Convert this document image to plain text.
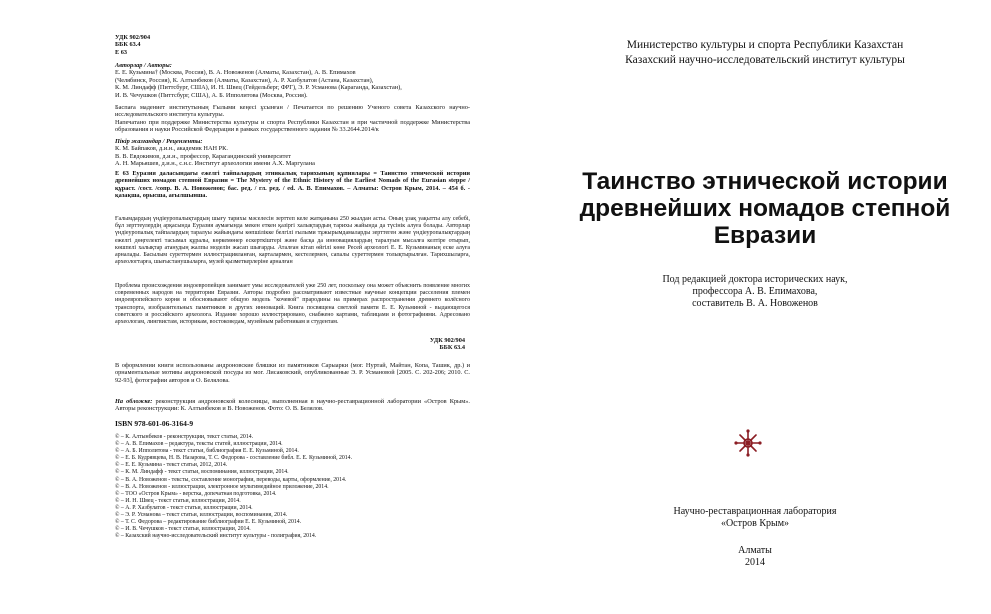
УДК 902/904
ББК 63.4
Е 63
Авторлар / Авторы:
Е. Е. Кузьмина† (Москва, Россия), В. А. Новоженов (Алматы, Казахстан), А. В. Епимахов
(Челябинск, Россия), К. Алтынбеков (Алматы, Казахстан), А. Р. Хазбулатов (Астана, Казахстан),
К. М. Линдафф (Питтсбург, США), И. Н. Швец (Гейдельберг, ФРГ), Э. Р. Усманова (Караганда, Казахстан),
И. В. Чечушков (Питтсбург, США), А. Б. Ипполитова (Москва, Россия).

Баспаға мадениет институтының Ғылыми кеңесі ұсынған / Печатается по решению Ученого совета Казахского научно-исследовательского института культуры.

Напечатано при поддержке Министерства культуры и спорта Республики Казахстан и при частичной поддержке Министерства образования и науки Российской Федерации в рамках государственного задания № 33.2644.2014/к

Пікір жазғандар / Рецензенты:
К. М. Байпаков, д.и.н., академик НАН РК.
В. В. Евдокимов, д.и.н., профессор, Карагандинский университет
А. Н. Марьяшев, д.и.н., с.н.с. Институт археологии имени А.Х. Маргулана
Е 63 Еуразия даласындағы ежелгі тайпалардың этникалық тарихының құпиялары = Таинство этнической истории древнейших номадов степной Евразии = The Mystery of the Ethnic History of the Earliest Nomads of the Eurasian steppe / құраст. /сост. /сопр. В. А. Новоженов; бас. ред. / гл. ред. / ed. А. В. Епимахов. – Алматы: Остров Крым, 2014. – 454 б. - қазақша, орысша, ағылшынша.
Ғалымдардың үндіеуропалықтардың шығу тарихы мәселесін зерттеп келе жатқанына 250 жылдан асты. Оның ұзақ уақытты алу себебі, бұл зерттеулердің арқасында Еуразия аумағында мекен еткен қазіргі халықтардың тарихы жайында да түсінік алуға болады. Авторлар үндіеуропалық тайпалардың таралуы жайындағы көпшілікке белгілі ғылыми тұжырымдамаларды зерттеген және үндіеуропалықтардың ежелгі дөңгелекті тасымал құралы, көркемөнер ескерткіштері және басқа да инновациялардың таралуын мысалға келтіре отырып, көшпелі халықтар атанудың жалпы моделін жасап шығарды. Аталған кітап өйгілі көне Ресей археологі Е. Е. Кузьминаның еске алуға арналады. Басылым суреттермен иллюстрацияланған, карталармен, кестелермен, сапалы суреттермен толықтырылған. Тарихшыларға, археологтарға, шығыстанушыларға, музей қызметкерлеріне арналған
Проблема происхождения индоевропейцев занимает умы исследователей уже 250 лет, поскольку она может объяснить появление многих современных народов на территории Евразии. Авторы подробно рассматривают известные научные концепции расселения племен индоевропейского корня и обосновывают общую модель "кочевой" прародины на примерах распространения древнего колёсного транспорта, изобразительных памятников и других инноваций. Книга посвящена светлой памяти Е. Е. Кузьминой - выдающегося советского и российского археолога. Издание хорошо иллюстрировано, снабжено картами, таблицами и фотографиями. Адресовано археологам, лингвистам, историкам, востоковедам, музейным работникам и студентам.
УДК 902/904
ББК 63.4
В оформлении книги использованы андроновские бляшки из памятников Сарыарки (мог. Нуртай, Майтан, Копа, Ташик, др.) и орнаментальные мотивы андроновской посуды из мог. Лисаковский, опубликованные Э. Р. Усмановой [2005. С. 202-206; 2010. С. 92-93], фотографии авторов и О. Белялова.
На обложке: реконструкция андроновской колесницы, выполненная в научно-реставрационной лаборатории «Остров Крым». Авторы реконструкции: К. Алтынбеков и В. Новоженов. Фото: О. В. Белялов.
ISBN 978-601-06-3164-9
© – К. Алтынбеков - реконструкции, текст статьи, 2014.
© – А. В. Епимахов – редактура, тексты статей, иллюстрации, 2014.
© – А. Б. Ипполитова - текст статьи, библиография Е. Е. Кузьминой, 2014.
© – Е. Б. Кудрявцева, Н. В. Назарова, Т. С. Федорова - составление библ. Е. Е. Кузьминой, 2014.
© – Е. Е. Кузьмина - текст статьи, 2012, 2014.
© – К. М. Линдафф - текст статьи, воспоминания, иллюстрации, 2014.
© – В. А. Новоженов - тексты, составление монографии, переводы, карты, оформление, 2014.
© – В. А. Новоженов - иллюстрации, электронное мультимедийное приложение, 2014.
© – ТОО «Остров Крым» - верстка, допечатная подготовка, 2014.
© – И. Н. Швец - текст статьи, иллюстрации, 2014.
© – А. Р. Хазбулатов - текст статьи, иллюстрации, 2014.
© – Э. Р. Усманова – текст статьи, иллюстрации, воспоминания, 2014.
© – Т. С. Федорова – редактирование библиографии Е. Е. Кузьминой, 2014.
© – И. В. Чечушков - текст статьи, иллюстрации, 2014.
© – Казахский научно-исследовательский институт культуры - полиграфия, 2014.
Министерство культуры и спорта Республики Казахстан
Казахский научно-исследовательский институт культуры
Таинство этнической истории
древнейших номадов степной
Евразии
Под редакцией доктора исторических наук,
профессора А. В. Епимахова,
составитель В. А. Новоженов
Научно-реставрационная лаборатория
«Остров Крым»
Алматы
2014
